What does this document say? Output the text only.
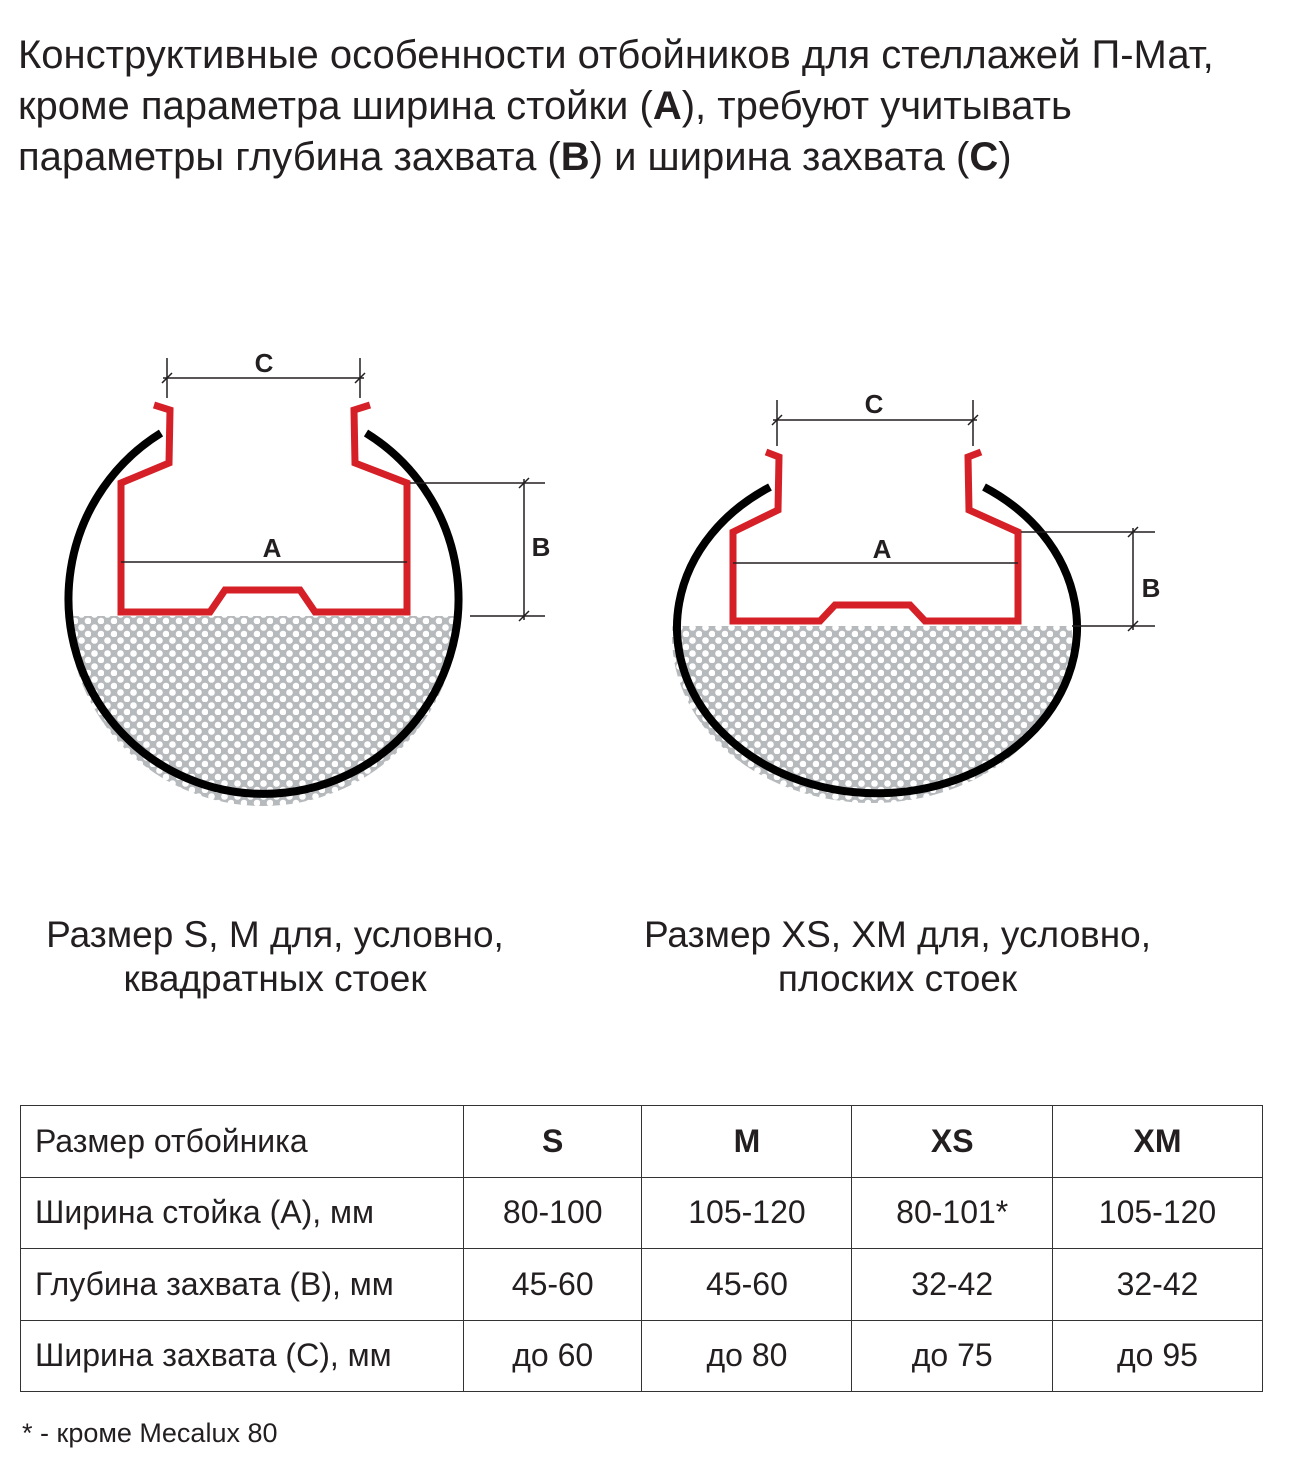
Конструктивные особенности отбойников для стеллажей П-Мат, кроме параметра ширина стойки (A), требуют учитывать параметры глубина захвата (B) и ширина захвата (C)
C
A	B
C
A
B
Размер S, M для, условно,
квадратных стоек
Размер XS, XM для, условно,
плоских стоек
Размер отбойника	S	M	XS	XM
Ширина стойка (А), мм	80-100	105-120	80-101*	105-120
Глубина захвата (В), мм	45-60	45-60	32-42	32-42
Ширина захвата (С), мм	до 60	до 80	до 75	до 95
* - кроме Mecalux 80
